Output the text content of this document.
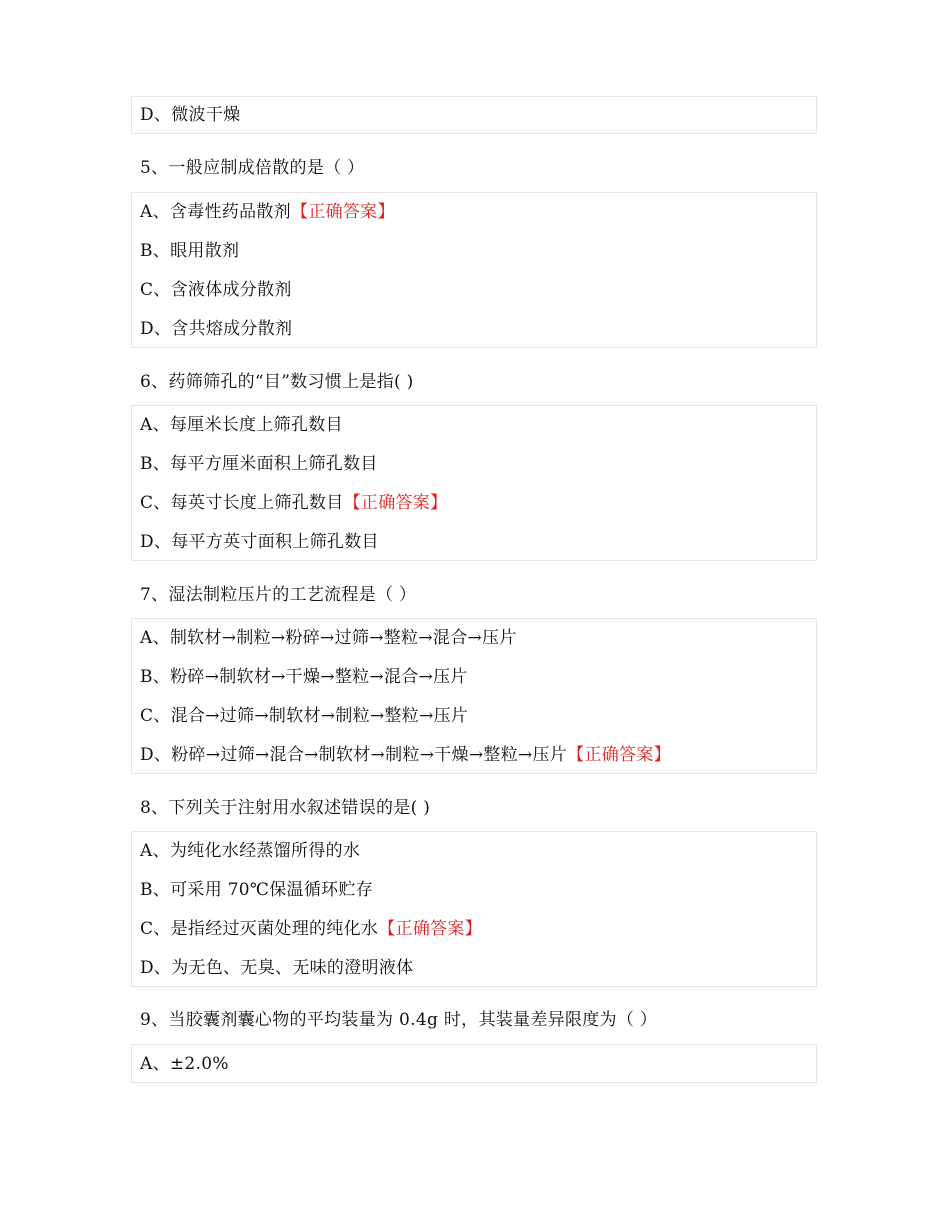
D、微波干燥
5、一般应制成倍散的是（ ）
A、含毒性药品散剂【正确答案】
B、眼用散剂
C、含液体成分散剂
D、含共熔成分散剂
6、药筛筛孔的“目”数习惯上是指( )
A、每厘米长度上筛孔数目
B、每平方厘米面积上筛孔数目
C、每英寸长度上筛孔数目【正确答案】
D、每平方英寸面积上筛孔数目
7、湿法制粒压片的工艺流程是（ ）
A、制软材→制粒→粉碎→过筛→整粒→混合→压片
B、粉碎→制软材→干燥→整粒→混合→压片
C、混合→过筛→制软材→制粒→整粒→压片
D、粉碎→过筛→混合→制软材→制粒→干燥→整粒→压片【正确答案】
8、下列关于注射用水叙述错误的是( )
A、为纯化水经蒸馏所得的水
B、可采用 70℃保温循环贮存
C、是指经过灭菌处理的纯化水【正确答案】
D、为无色、无臭、无味的澄明液体
9、当胶囊剂囊心物的平均装量为 0.4g 时，其装量差异限度为（ ）
A、±2.0%
